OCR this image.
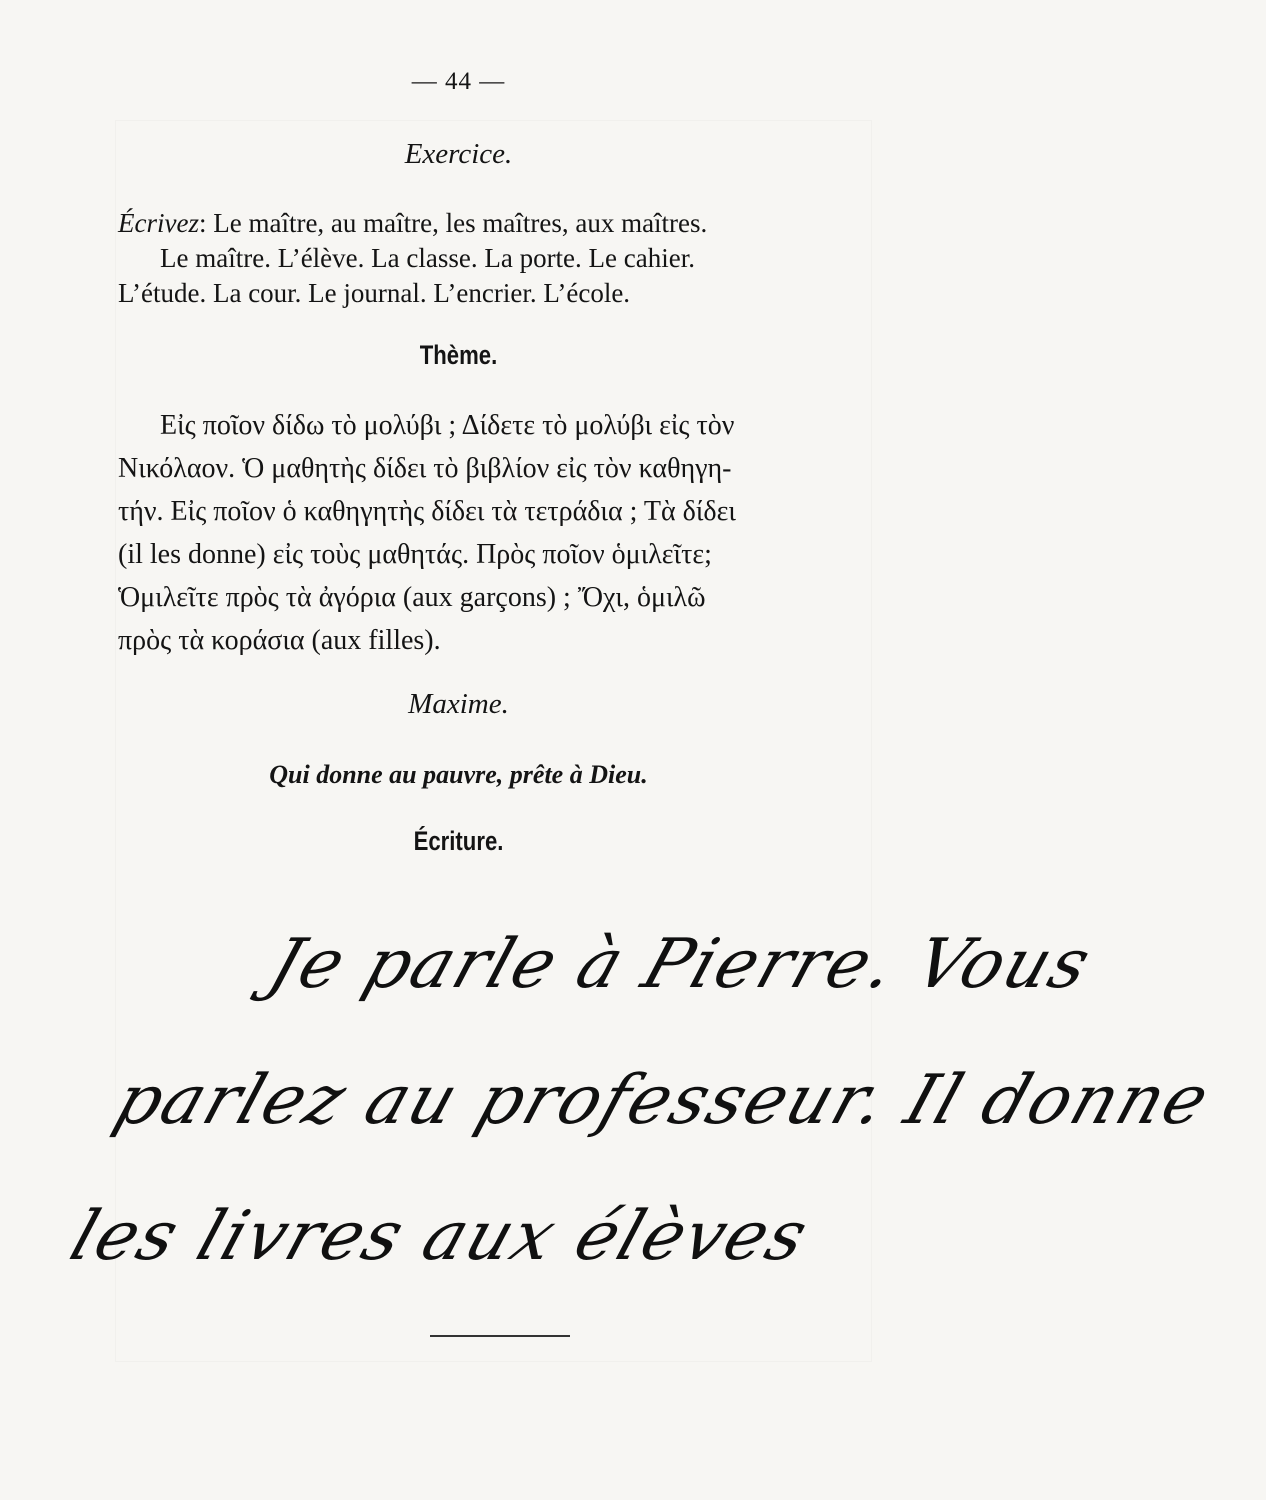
— 44 —
Exercice.
Écrivez : Le maître, au maître, les maîtres, aux maîtres.
Le maître. L’élève. La classe. La porte. Le cahier.
L’étude. La cour. Le journal. L’encrier. L’école.
Thème.
Εἰς ποῖον δίδω τὸ μολύβι ; Δίδετε τὸ μολύβι εἰς τὸν
Νικόλαον. Ὁ μαθητὴς δίδει τὸ βιβλίον εἰς τὸν καθηγη-
τήν. Εἰς ποῖον ὁ καθηγητὴς δίδει τὰ τετράδια ; Τὰ δίδει
(il les donne) εἰς τοὺς μαθητάς. Πρὸς ποῖον ὁμιλεῖτε;
Ὁμιλεῖτε πρὸς τὰ ἀγόρια (aux garçons) ; Ὄχι, ὁμιλῶ
πρὸς τὰ κοράσια (aux filles).
Maxime.
Qui donne au pauvre, prête à Dieu.
Écriture.
Je parle à Pierre. Vous
parlez au professeur. Il donne
les livres aux élèves
